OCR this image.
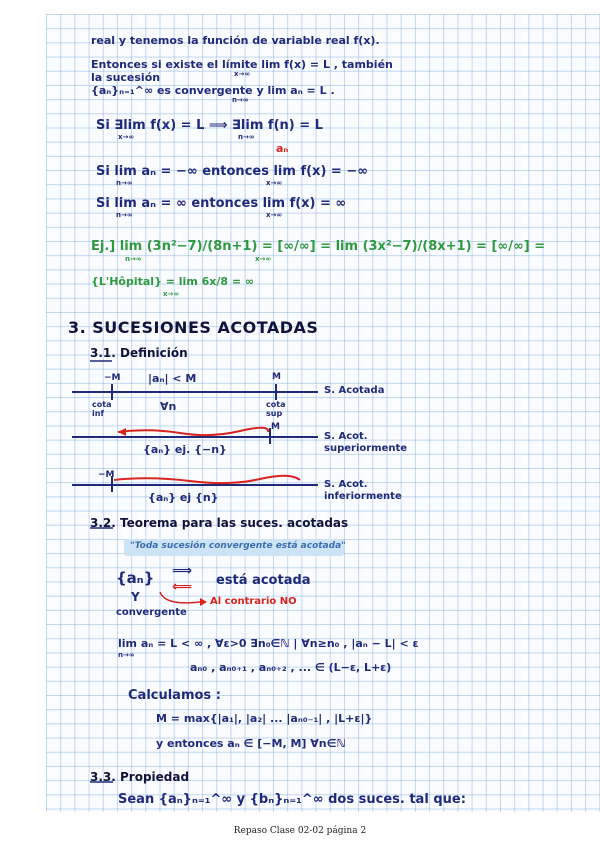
real y tenemos la función de variable real f(x).
Entonces si existe el límite lim f(x) = L , también
x→∞
la sucesión
{aₙ}ₙ₌₁^∞ es convergente y lim aₙ = L .
n→∞
Si ∃lim f(x) = L ⟹ ∃lim f(n) = L
x→∞	n→∞
aₙ
Si lim aₙ = −∞ entonces lim f(x) = −∞
n→∞	x→∞
Si lim aₙ = ∞ entonces lim f(x) = ∞
n→∞	x→∞
Ej.] lim (3n²−7)/(8n+1) = [∞/∞] = lim (3x²−7)/(8x+1) = [∞/∞] =
n→∞	x→∞
{L'Hôpital} = lim 6x/8 = ∞
x→∞
3. SUCESIONES ACOTADAS
3.1. Definición
−M	|aₙ| < M	M
S. Acotada
cota
inf
∀n	cota
sup
M
S. Acot.
superiormente
{aₙ} ej. {−n}
−M
S. Acot.
inferiormente
{aₙ} ej {n}
3.2. Teorema para las suces. acotadas
"Toda sucesión convergente está acotada"
{aₙ} ⟹
⟸ está acotada
Y
convergente
Al contrario NO
lim aₙ = L < ∞ , ∀ε>0 ∃n₀∈ℕ | ∀n≥n₀ , |aₙ − L| < ε
n→∞
aₙ₀ , aₙ₀₊₁ , aₙ₀₊₂ , ... ∈ (L−ε, L+ε)
Calculamos :
M = max{|a₁|, |a₂| ... |aₙ₀₋₁| , |L+ε|}
y entonces aₙ ∈ [−M, M] ∀n∈ℕ
3.3. Propiedad
Sean {aₙ}ₙ₌₁^∞ y {bₙ}ₙ₌₁^∞ dos suces. tal que:
Repaso Clase 02-02 página 2
